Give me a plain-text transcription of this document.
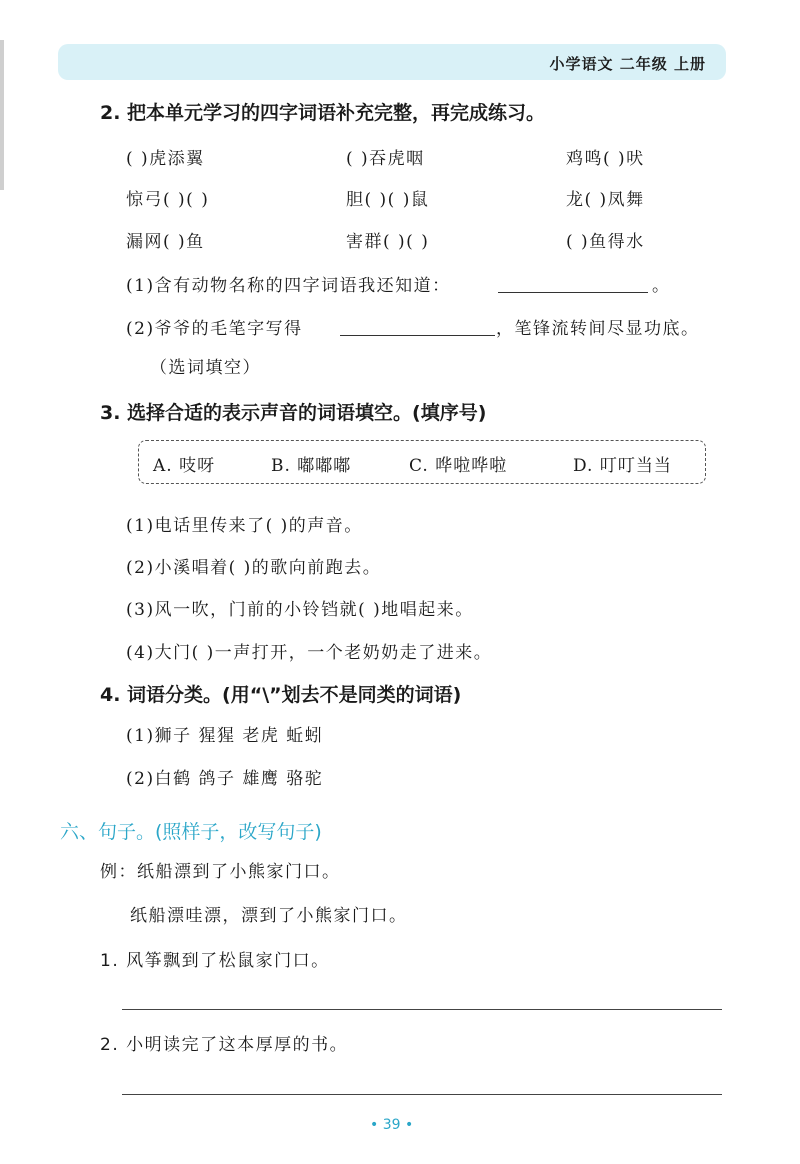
小学语文 二年级 上册
2. 把本单元学习的四字词语补充完整，再完成练习。
( )虎添翼	( )吞虎咽	鸡鸣( )吠
惊弓( )( )	胆( )( )鼠	龙( )凤舞
漏网( )鱼	害群( )( )	( )鱼得水
(1)含有动物名称的四字词语我还知道：	。
(2)爷爷的毛笔字写得	，笔锋流转间尽显功底。
（选词填空）
3. 选择合适的表示声音的词语填空。(填序号)
A. 吱呀	B. 嘟嘟嘟	C. 哗啦哗啦	D. 叮叮当当
(1)电话里传来了( )的声音。
(2)小溪唱着( )的歌向前跑去。
(3)风一吹，门前的小铃铛就( )地唱起来。
(4)大门( )一声打开，一个老奶奶走了进来。
4. 词语分类。(用“\”划去不是同类的词语)
(1)狮子 猩猩 老虎 蚯蚓
(2)白鹤 鸽子 雄鹰 骆驼
六、句子。(照样子，改写句子)
例：纸船漂到了小熊家门口。
纸船漂哇漂，漂到了小熊家门口。
1. 风筝飘到了松鼠家门口。
2. 小明读完了这本厚厚的书。
• 39 •
